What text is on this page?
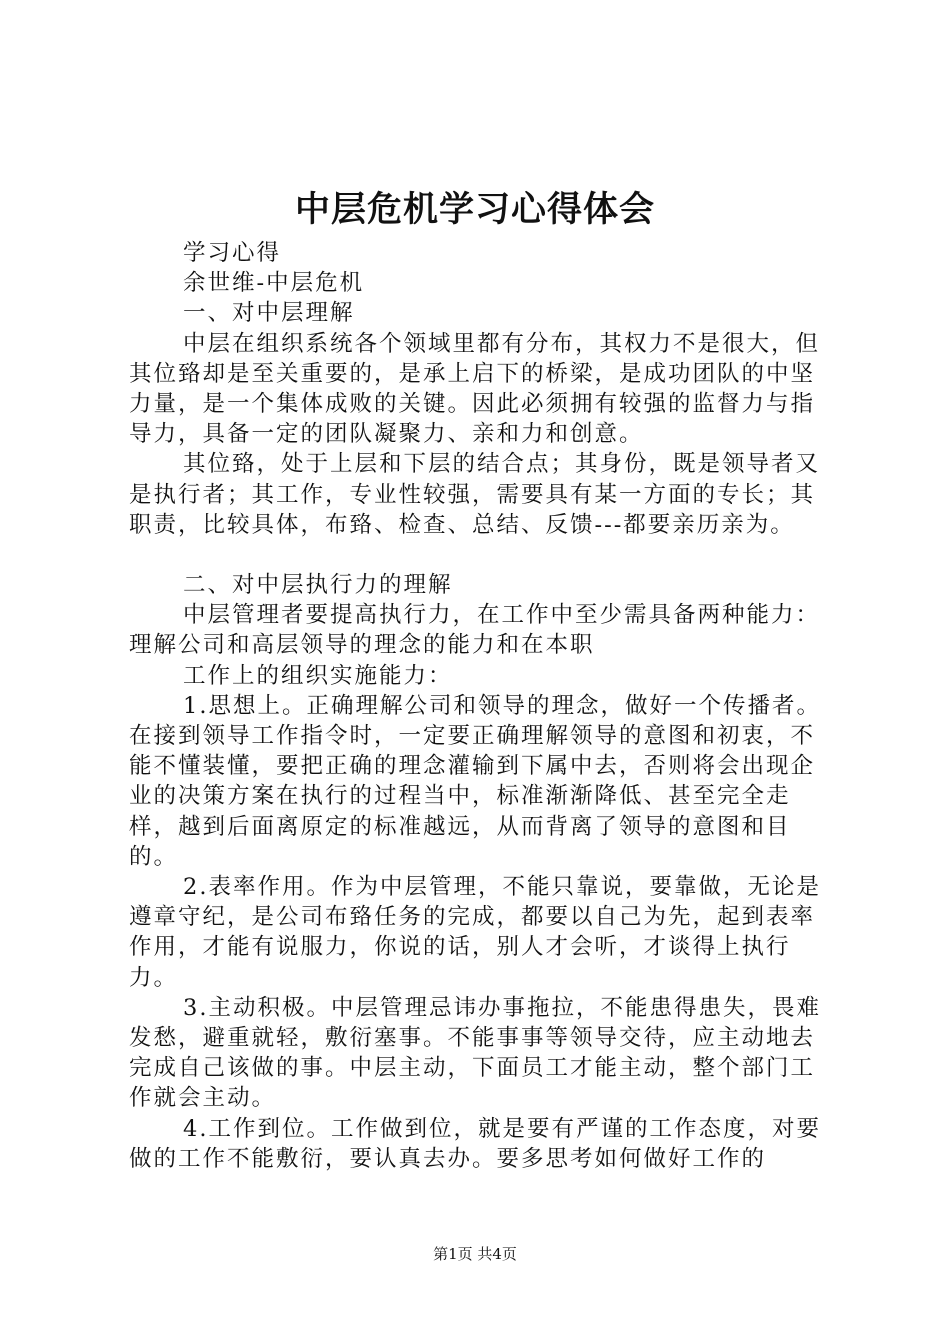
中层危机学习心得体会

学习心得

余世维-中层危机

一、对中层理解

中层在组织系统各个领域里都有分布，其权力不是很大，但其位臵却是至关重要的，是承上启下的桥梁，是成功团队的中坚力量，是一个集体成败的关键。因此必须拥有较强的监督力与指导力，具备一定的团队凝聚力、亲和力和创意。

其位臵，处于上层和下层的结合点；其身份，既是领导者又是执行者；其工作，专业性较强，需要具有某一方面的专长；其职责，比较具体，布臵、检查、总结、反馈---都要亲历亲为。

二、对中层执行力的理解

中层管理者要提高执行力，在工作中至少需具备两种能力：理解公司和高层领导的理念的能力和在本职

工作上的组织实施能力：

1.思想上。正确理解公司和领导的理念，做好一个传播者。在接到领导工作指令时，一定要正确理解领导的意图和初衷，不能不懂装懂，要把正确的理念灌输到下属中去，否则将会出现企业的决策方案在执行的过程当中，标准渐渐降低、甚至完全走样，越到后面离原定的标准越远，从而背离了领导的意图和目的。

2.表率作用。作为中层管理，不能只靠说，要靠做，无论是遵章守纪，是公司布臵任务的完成，都要以自己为先，起到表率作用，才能有说服力，你说的话，别人才会听，才谈得上执行力。

3.主动积极。中层管理忌讳办事拖拉，不能患得患失，畏难发愁，避重就轻，敷衍塞事。不能事事等领导交待，应主动地去完成自己该做的事。中层主动，下面员工才能主动，整个部门工作就会主动。

4.工作到位。工作做到位，就是要有严谨的工作态度，对要做的工作不能敷衍，要认真去办。要多思考如何做好工作的

第1页 共4页
